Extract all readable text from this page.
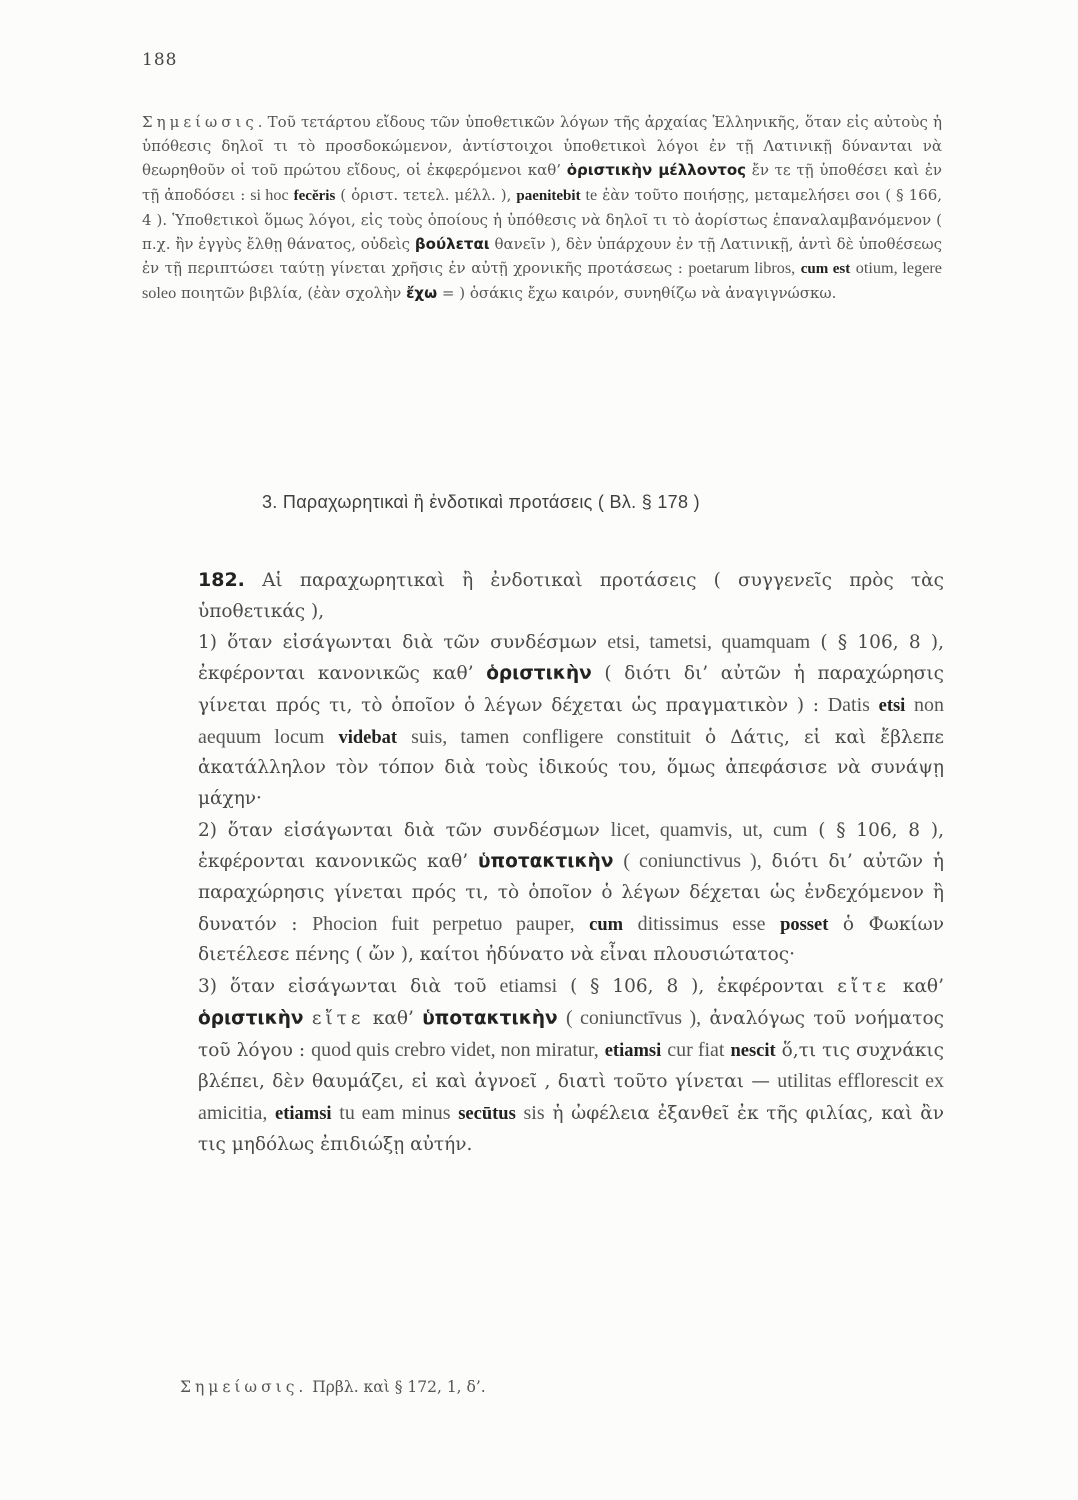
188
Σημείωσις. Τοῦ τετάρτου εἴδους τῶν ὑποθετικῶν λόγων τῆς ἀρχαίας Ἑλληνικῆς, ὅταν εἰς αὐτοὺς ἡ ὑπόθεσις δηλοῖ τι τὸ προσδοκώμενον, ἀντίστοιχοι ὑποθετικοὶ λόγοι ἐν τῇ Λατινικῇ δύνανται νὰ θεωρηθοῦν οἱ τοῦ πρώτου εἴδους, οἱ ἐκφερόμενοι καθ’ ὁριστικὴν μέλλοντος ἔν τε τῇ ὑποθέσει καὶ ἐν τῇ ἀποδόσει : si hoc fecĕris ( ὁριστ. τετελ. μέλλ. ), paenitebit te ἐὰν τοῦτο ποιήσῃς, μεταμελήσει σοι ( § 166, 4 ). Ὑποθετικοὶ ὅμως λόγοι, εἰς τοὺς ὁποίους ἡ ὑπόθεσις νὰ δηλοῖ τι τὸ ἀορίστως ἐπαναλαμβανόμενον ( π.χ. ἢν ἐγγὺς ἔλθῃ θάνατος, οὐδεὶς βούλεται θανεῖν ), δὲν ὑπάρχουν ἐν τῇ Λατινικῇ, ἀντὶ δὲ ὑποθέσεως ἐν τῇ περιπτώσει ταύτῃ γίνεται χρῆσις ἐν αὐτῇ χρονικῆς προτάσεως : poetarum libros, cum est otium, legere soleo ποιητῶν βιβλία, (ἐὰν σχολὴν ἔχω = ) ὁσάκις ἔχω καιρόν, συνηθίζω νὰ ἀναγιγνώσκω.
3. Παραχωρητικαὶ ἢ ἐνδοτικαὶ προτάσεις ( Βλ. § 178 )

182. Αἱ παραχωρητικαὶ ἢ ἐνδοτικαὶ προτάσεις ( συγγενεῖς πρὸς τὰς ὑποθετικάς ),

1) ὅταν εἰσάγωνται διὰ τῶν συνδέσμων etsi, tametsi, quamquam ( § 106, 8 ), ἐκφέρονται κανονικῶς καθ’ ὁριστικὴν ( διότι δι’ αὐτῶν ἡ παραχώρησις γίνεται πρός τι, τὸ ὁποῖον ὁ λέγων δέχεται ὡς πραγματικὸν ) : Datis etsi non aequum locum videbat suis, tamen confligere constituit ὁ Δάτις, εἰ καὶ ἔβλεπε ἀκατάλληλον τὸν τόπον διὰ τοὺς ἰδικούς του, ὅμως ἀπεφάσισε νὰ συνάψῃ μάχην·

2) ὅταν εἰσάγωνται διὰ τῶν συνδέσμων licet, quamvis, ut, cum ( § 106, 8 ), ἐκφέρονται κανονικῶς καθ’ ὑποτακτικὴν ( coniunctivus ), διότι δι’ αὐτῶν ἡ παραχώρησις γίνεται πρός τι, τὸ ὁποῖον ὁ λέγων δέχεται ὡς ἐνδεχόμενον ἢ δυνατόν : Phocion fuit perpetuo pauper, cum ditissimus esse posset ὁ Φωκίων διετέλεσε πένης ( ὤν ), καίτοι ἠδύνατο νὰ εἶναι πλουσιώτατος·

3) ὅταν εἰσάγωνται διὰ τοῦ etiamsi ( § 106, 8 ), ἐκφέρονται εἴτε καθ’ ὁριστικὴν εἴτε καθ’ ὑποτακτικὴν ( coniunctīvus ), ἀναλόγως τοῦ νοήματος τοῦ λόγου : quod quis crebro videt, non miratur, etiamsi cur fiat nescit ὅ,τι τις συχνάκις βλέπει, δὲν θαυμάζει, εἰ καὶ ἀγνοεῖ , διατὶ τοῦτο γίνεται — utilitas efflorescit ex amicitia, etiamsi tu eam minus secūtus sis ἡ ὠφέλεια ἐξανθεῖ ἐκ τῆς φιλίας, καὶ ἂν τις μηδόλως ἐπιδιώξῃ αὐτήν.

Σημείωσις. Πρβλ. καὶ § 172, 1, δ’.
